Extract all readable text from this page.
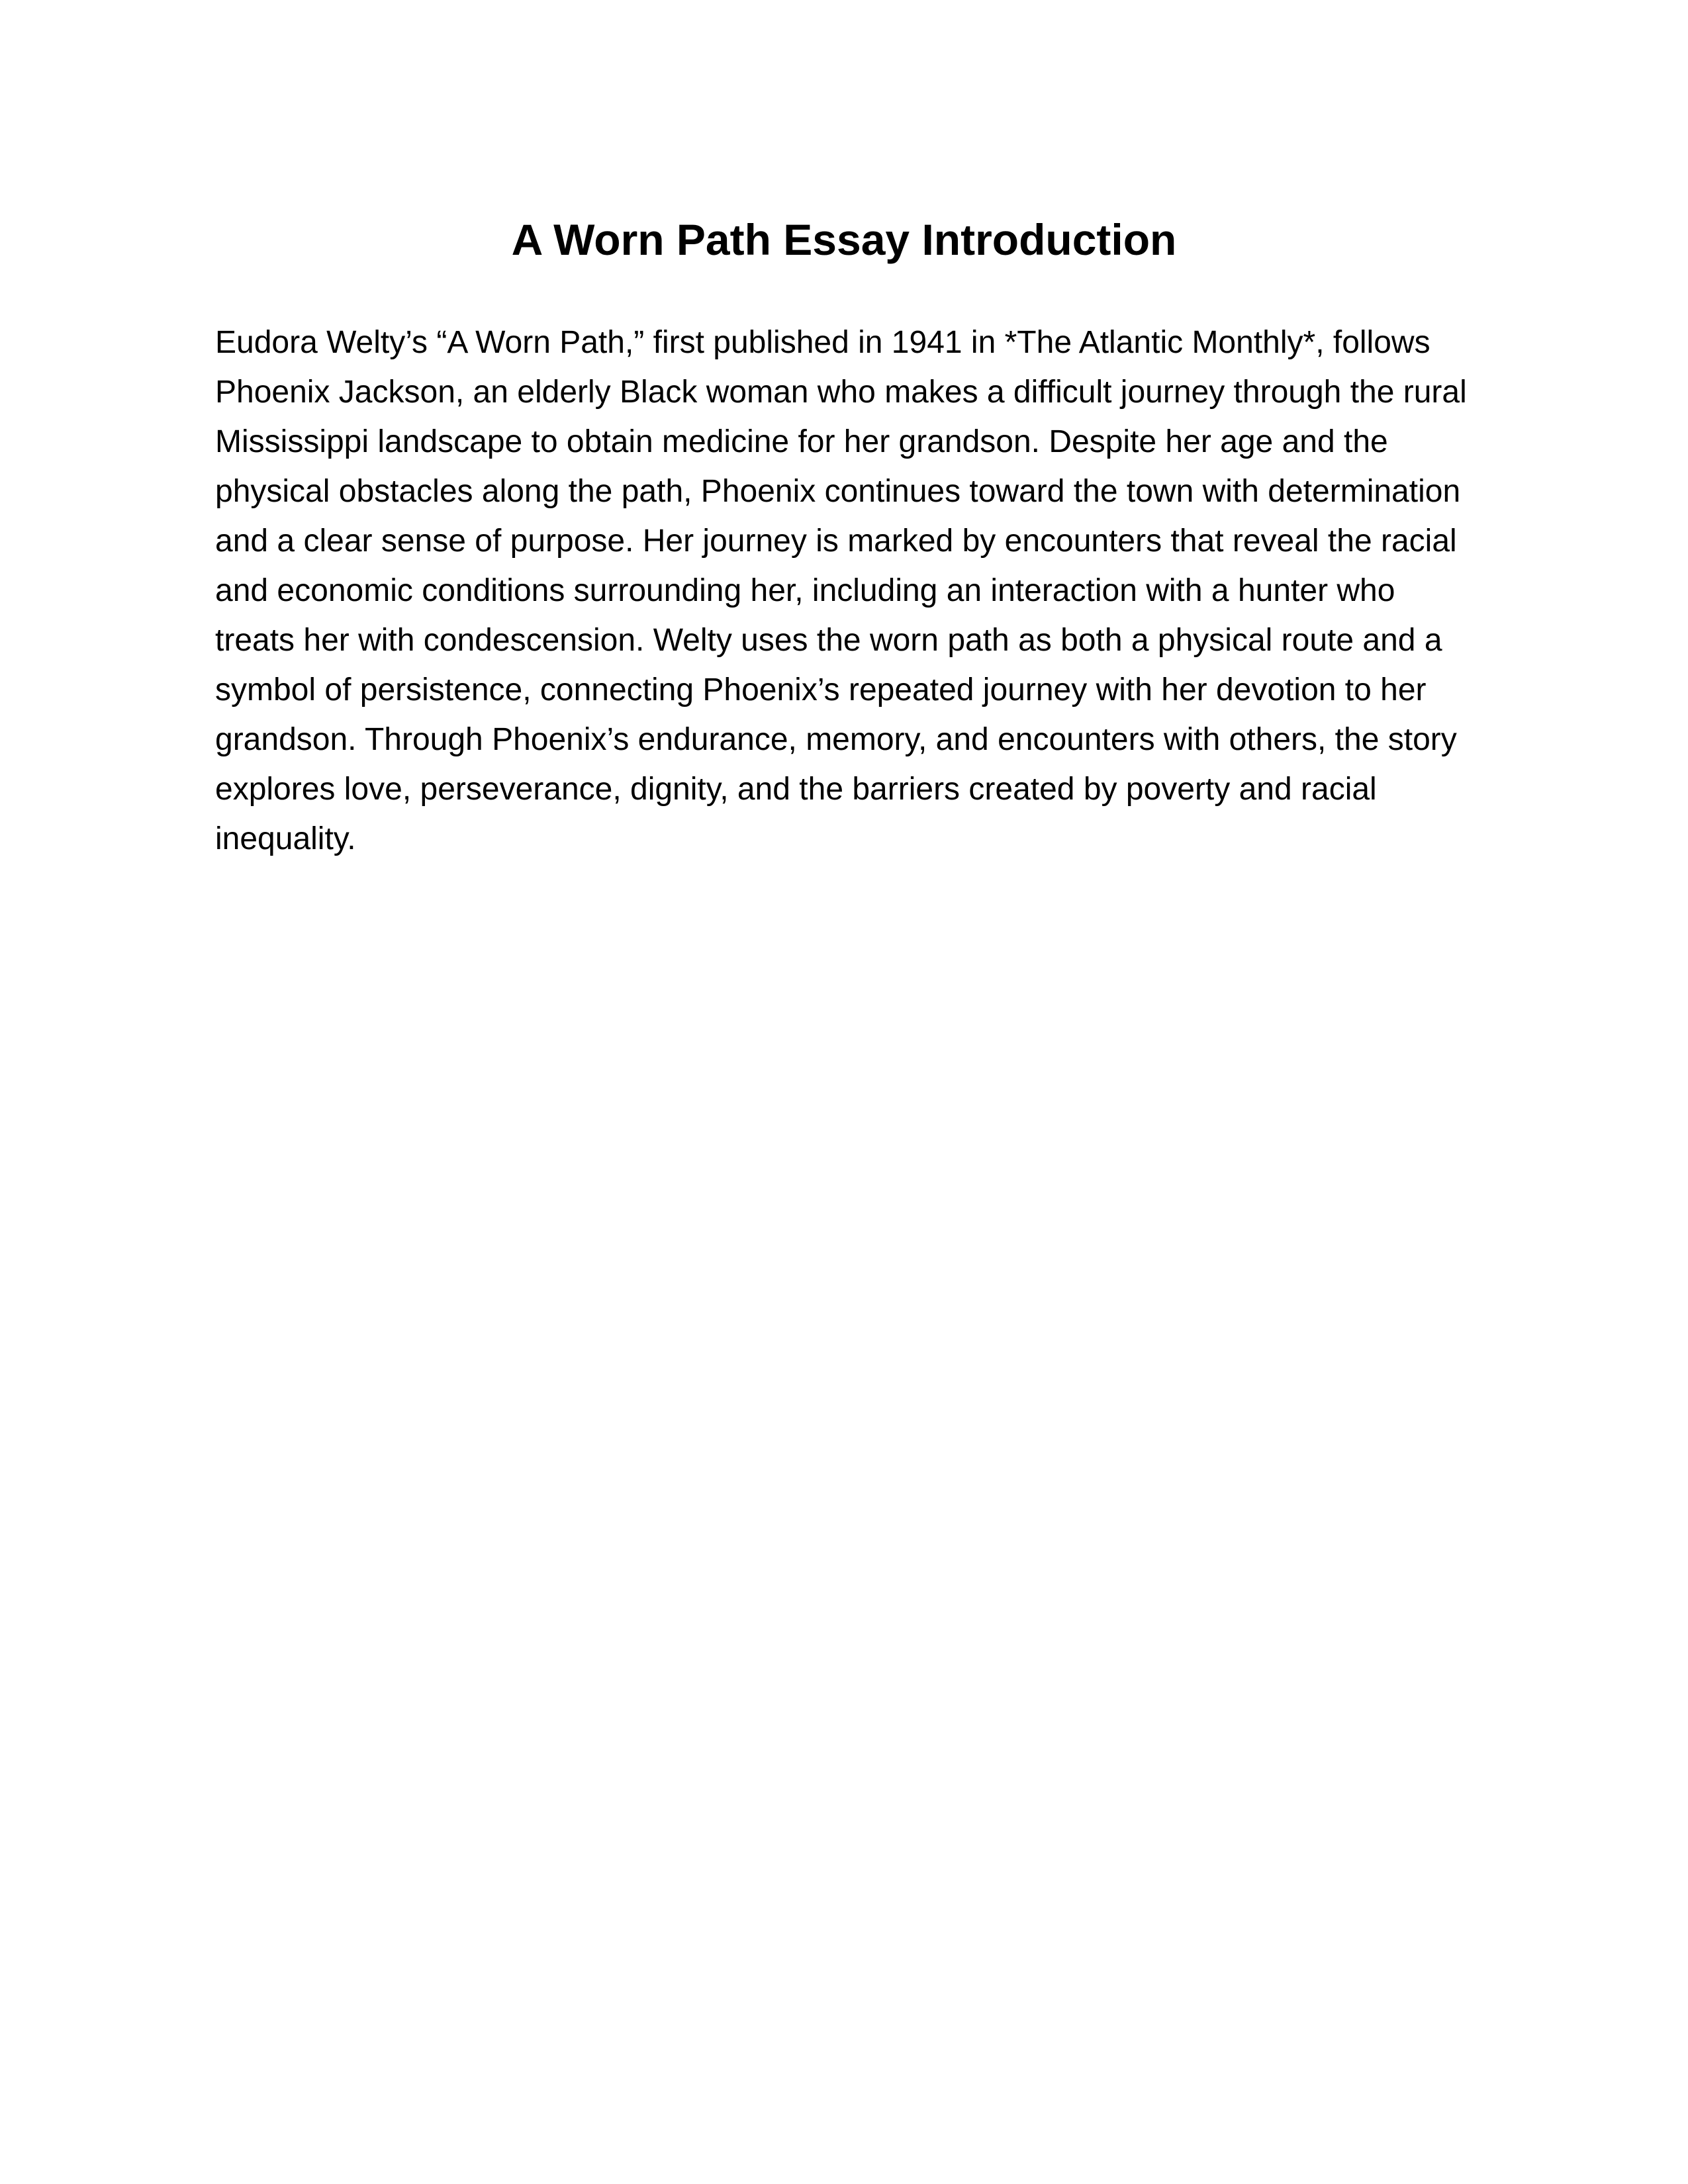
A Worn Path Essay Introduction

Eudora Welty’s “A Worn Path,” first published in 1941 in *The Atlantic Monthly*, follows
Phoenix Jackson, an elderly Black woman who makes a difficult journey through the rural
Mississippi landscape to obtain medicine for her grandson. Despite her age and the
physical obstacles along the path, Phoenix continues toward the town with determination
and a clear sense of purpose. Her journey is marked by encounters that reveal the racial
and economic conditions surrounding her, including an interaction with a hunter who
treats her with condescension. Welty uses the worn path as both a physical route and a
symbol of persistence, connecting Phoenix’s repeated journey with her devotion to her
grandson. Through Phoenix’s endurance, memory, and encounters with others, the story
explores love, perseverance, dignity, and the barriers created by poverty and racial
inequality.
